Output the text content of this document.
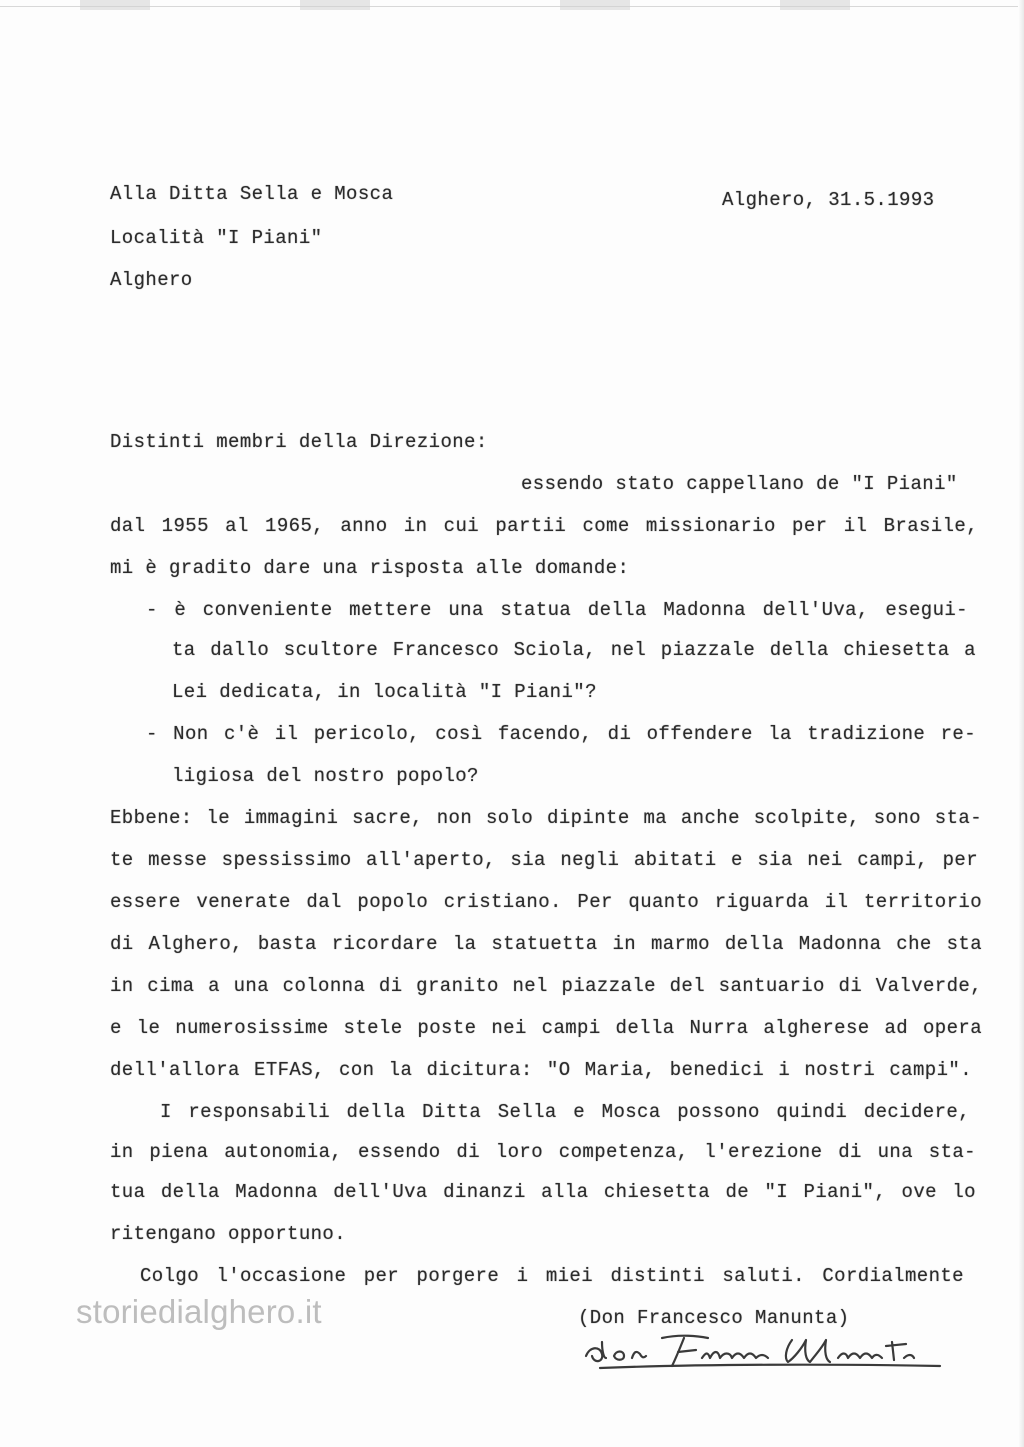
Alla Ditta Sella e Mosca
Località "I Piani"
Alghero
Alghero, 31.5.1993
Distinti membri della Direzione:
essendo stato cappellano de "I Piani"
dal 1955 al 1965, anno in cui partii come missionario per il Brasile,
mi è gradito dare una risposta alle domande:
- è conveniente mettere una statua della Madonna dell'Uva, esegui-
ta dallo scultore Francesco Sciola, nel piazzale della chiesetta a
Lei dedicata, in località "I Piani"?
- Non c'è il pericolo, così facendo, di offendere la tradizione re-
ligiosa del nostro popolo?
Ebbene: le immagini sacre, non solo dipinte ma anche scolpite, sono sta-
te messe spessissimo all'aperto, sia negli abitati e sia nei campi, per
essere venerate dal popolo cristiano. Per quanto riguarda il territorio
di Alghero, basta ricordare la statuetta in marmo della Madonna che sta
in cima a una colonna di granito nel piazzale del santuario di Valverde,
e le numerosissime stele poste nei campi della Nurra algherese ad opera
dell'allora ETFAS, con la dicitura: "O Maria, benedici i nostri campi".
I responsabili della Ditta Sella e Mosca possono quindi decidere,
in piena autonomia, essendo di loro competenza, l'erezione di una sta-
tua della Madonna dell'Uva dinanzi alla chiesetta de "I Piani", ove lo
ritengano opportuno.
Colgo l'occasione per porgere i miei distinti saluti. Cordialmente
(Don Francesco Manunta)
storiedialghero.it
